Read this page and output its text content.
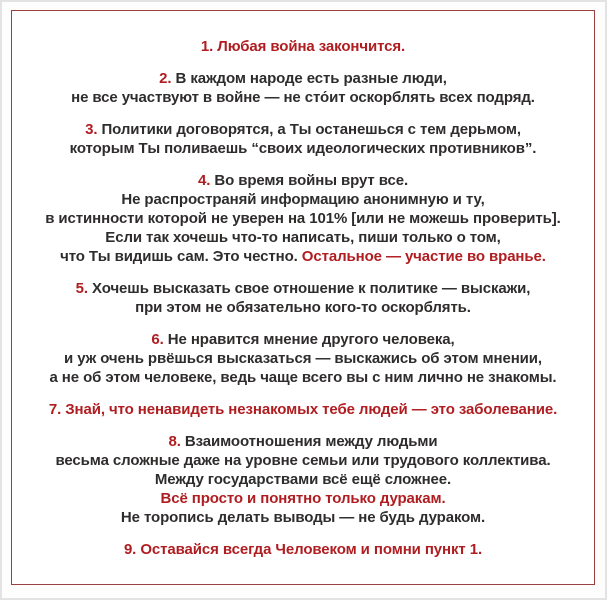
1. Любая война закончится.
2. В каждом народе есть разные люди,
не все участвуют в войне — не сто́ит оскорблять всех подряд.
3. Политики договорятся, а Ты останешься с тем дерьмом,
которым Ты поливаешь “своих идеологических противников”.
4. Во время войны врут все.
Не распространяй информацию анонимную и ту,
в истинности которой не уверен на 101% [или не можешь проверить].
Если так хочешь что-то написать, пиши только о том,
что Ты видишь сам. Это честно. Остальное — участие во вранье.
5. Хочешь высказать свое отношение к политике — выскажи,
при этом не обязательно кого-то оскорблять.
6. Не нравится мнение другого человека,
и уж очень рвёшься высказаться — выскажись об этом мнении,
а не об этом человеке, ведь чаще всего вы с ним лично не знакомы.
7. Знай, что ненавидеть незнакомых тебе людей — это заболевание.
8. Взаимоотношения между людьми
весьма сложные даже на уровне семьи или трудового коллектива.
Между государствами всё ещё сложнее.
Всё просто и понятно только дуракам.
Не торопись делать выводы — не будь дураком.
9. Оставайся всегда Человеком и помни пункт 1.
